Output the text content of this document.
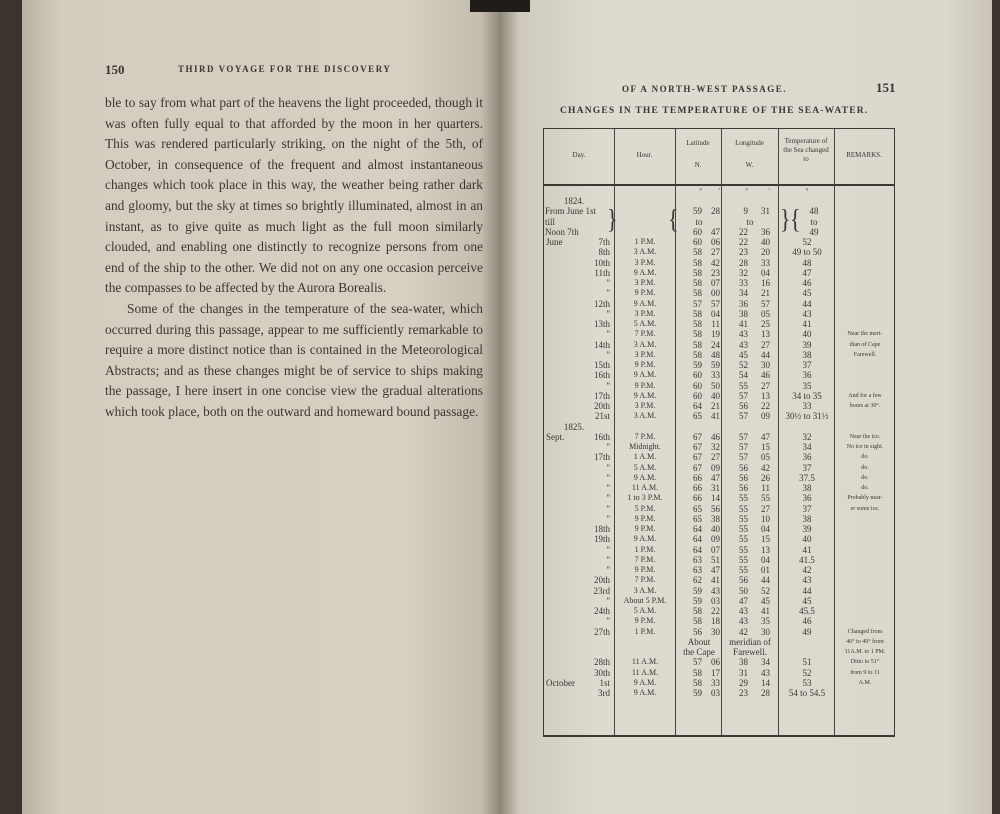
150	THIRD VOYAGE FOR THE DISCOVERY

ble to say from what part of the heavens the light proceeded, though it was often fully equal to that afforded by the moon in her quarters. This was rendered particularly striking, on the night of the 5th, of October, in consequence of the frequent and almost instantaneous changes which took place in this way, the weather being rather dark and gloomy, but the sky at times so brightly illuminated, almost in an instant, as to give quite as much light as the full moon similarly clouded, and enabling one distinctly to recognize persons from one end of the ship to the other. We did not on any one occasion perceive the compasses to be affected by the Aurora Borealis.

Some of the changes in the temperature of the sea-water, which occurred during this passage, appear to me sufficiently remarkable to require a more distinct notice than is contained in the Meteorological Abstracts; and as these changes might be of service to ships making the passage, I here insert in one concise view the gradual alterations which took place, both on the outward and homeward bound passage.

OF A NORTH-WEST PASSAGE.	151
CHANGES IN THE TEMPERATURE OF THE SEA-WATER.
Day.	Hour.
Latitude
N.
Longitude
W.
Temperature of the Sea changed to	REMARKS.
°	′	°	′	°
1824.
From June 1st	59	28	9	31	48
} {	} {
till	to	to	to
Noon 7th	60	47	22	36	49
June	7th	1 P.M.	60	06	22	40	52
8th	3 A.M.	58	27	23	20	49 to 50
10th	3 P.M.	58	42	28	33	48
11th	9 A.M.	58	23	32	04	47
"	3 P.M.	58	07	33	16	46
"	9 P.M.	58	00	34	21	45
12th	9 A.M.	57	57	36	57	44
"	3 P.M.	58	04	38	05	43
13th	5 A.M.	58	11	41	25	41
"	7 P.M.	58	19	43	13	40	Near the meri-
14th	3 A.M.	58	24	43	27	39	dian of Cape
"	3 P.M.	58	48	45	44	38	Farewell.
15th	9 P.M.	59	59	52	30	37
16th	9 A.M.	60	33	54	46	36
"	9 P.M.	60	50	55	27	35
17th	9 A.M.	60	40	57	13	34 to 35	And for a few
20th	3 P.M.	64	21	56	22	33	hours at 30°.
21st	3 A.M.	65	41	57	09	30½ to 31½
1825.
Sept.	16th	7 P.M.	67	46	57	47	32	Near the ice.
"	Midnight.	67	32	57	15	34	No ice in sight.
17th	1 A.M.	67	27	57	05	36	do.
"	5 A.M.	67	09	56	42	37	do.
"	9 A.M.	66	47	56	26	37.5	do.
"	11 A.M.	66	31	56	11	38	do.
"	1 to 3 P.M.	66	14	55	55	36	Probably near-
"	5 P.M.	65	56	55	27	37	er some ice.
"	9 P.M.	65	38	55	10	38
18th	9 P.M.	64	40	55	04	39
19th	9 A.M.	64	09	55	15	40
"	1 P.M.	64	07	55	13	41
"	7 P.M.	63	51	55	04	41.5
"	9 P.M.	63	47	55	01	42
20th	7 P.M.	62	41	56	44	43
23rd	3 A.M.	59	43	50	52	44
"	About 5 P.M.	59	03	47	45	45
24th	5 A.M.	58	22	43	41	45.5
"	9 P.M.	58	18	43	35	46
27th	1 P.M.	56	30	42	30	49	Changed from
About	meridian of	46° to 49° from
the Cape	Farewell.	11A.M. to 1 PM.
28th	11 A.M.	57	06	38	34	51	Ditto to 51°
30th	11 A.M.	58	17	31	43	52	from 9 to 11
October	1st	9 A.M.	58	33	29	14	53	A.M.
3rd	9 A.M.	59	03	23	28	54 to 54.5
